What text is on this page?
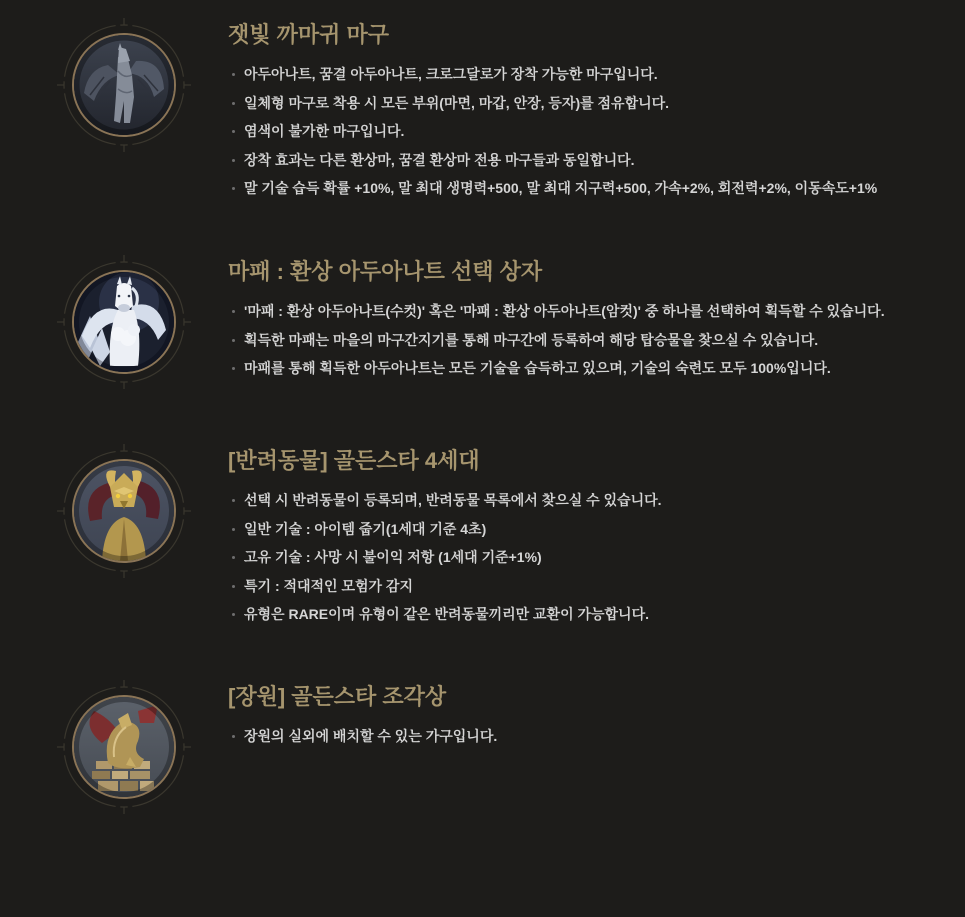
잿빛 까마귀 마구
아두아나트, 꿈결 아두아나트, 크로그달로가 장착 가능한 마구입니다.
일체형 마구로 착용 시 모든 부위(마면, 마갑, 안장, 등자)를 점유합니다.
염색이 불가한 마구입니다.
장착 효과는 다른 환상마, 꿈결 환상마 전용 마구들과 동일합니다.
말 기술 습득 확률 +10%, 말 최대 생명력+500, 말 최대 지구력+500, 가속+2%, 회전력+2%, 이동속도+1%
마패 : 환상 아두아나트 선택 상자
'마패 : 환상 아두아나트(수컷)' 혹은 '마패 : 환상 아두아나트(암컷)' 중 하나를 선택하여 획득할 수 있습니다.
획득한 마패는 마을의 마구간지기를 통해 마구간에 등록하여 해당 탑승물을 찾으실 수 있습니다.
마패를 통해 획득한 아두아나트는 모든 기술을 습득하고 있으며, 기술의 숙련도 모두 100%입니다.
[반려동물] 골든스타 4세대
선택 시 반려동물이 등록되며, 반려동물 목록에서 찾으실 수 있습니다.
일반 기술 : 아이템 줍기(1세대 기준 4초)
고유 기술 : 사망 시 불이익 저항 (1세대 기준+1%)
특기 : 적대적인 모험가 감지
유형은 RARE이며 유형이 같은 반려동물끼리만 교환이 가능합니다.
[장원] 골든스타 조각상
장원의 실외에 배치할 수 있는 가구입니다.
